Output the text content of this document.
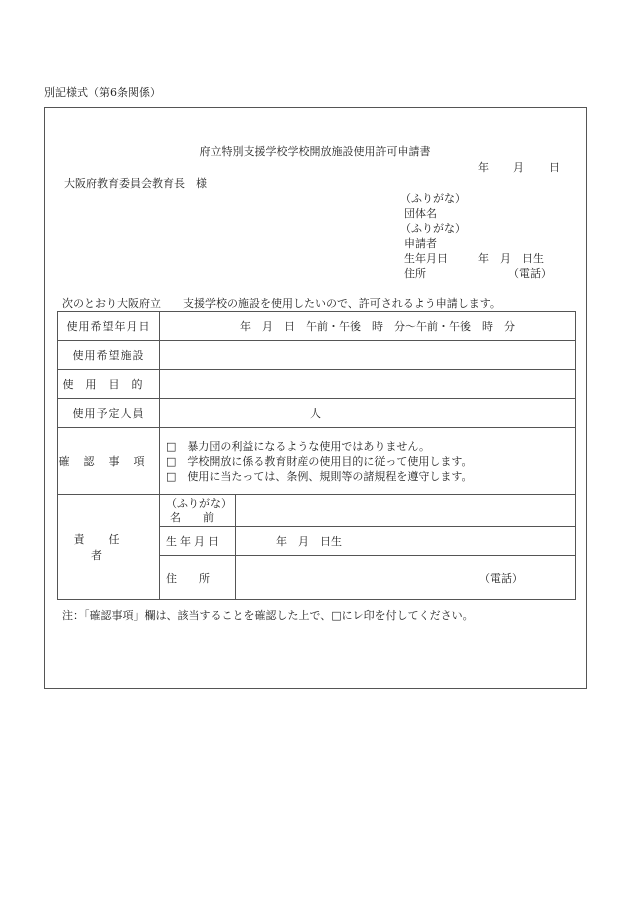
別記様式（第6条関係）
府立特別支援学校学校開放施設使用許可申請書
年 月 日
大阪府教育委員会教育長　様
（ふりがな）
団体名
（ふりがな）
申請者
生年月日	年　月　日生
住所	（電話）
次のとおり大阪府立　　支援学校の施設を使用したいので、許可されるよう申請します。
使用希望年月日	年　月　日　午前・午後　時　分〜午前・午後　時　分	
使用希望施設		
使用目的		
使用予定人員	人	
確認事項	□　暴力団の利益になるような使用ではありません。
□　学校開放に係る教育財産の使用目的に従って使用します。
□　使用に当たっては、条例、規則等の諸規程を遵守します。	

責任者	（ふりがな）
名　　前	

	生年月日	年　月　日生
	住　　所	（電話）
注：「確認事項」欄は、該当することを確認した上で、□にレ印を付してください。
